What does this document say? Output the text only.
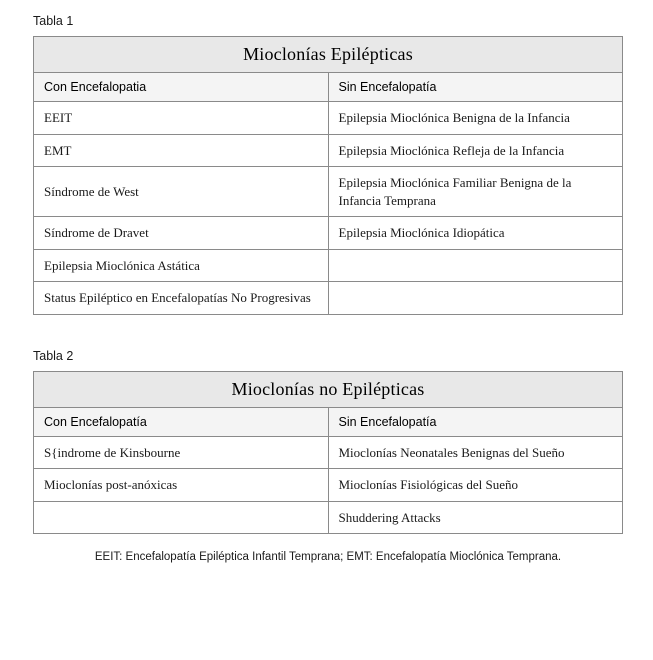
Tabla 1
Mioclonías Epilépticas	
Con Encefalopatia	Sin Encefalopatía
EEIT	Epilepsia Mioclónica Benigna de la Infancia
EMT	Epilepsia Mioclónica Refleja de la Infancia
Síndrome de West	Epilepsia Mioclónica Familiar Benigna de la Infancia Temprana
Síndrome de Dravet	Epilepsia Mioclónica Idiopática
Epilepsia Mioclónica Astática	
Status Epiléptico en Encefalopatías No Progresivas	
Tabla 2
Mioclonías no Epilépticas	
Con Encefalopatía	Sin Encefalopatía
S{indrome de Kinsbourne	Mioclonías Neonatales Benignas del Sueño
Mioclonías post-anóxicas	Mioclonías Fisiológicas del Sueño
	Shuddering Attacks
EEIT: Encefalopatía Epiléptica Infantil Temprana; EMT: Encefalopatía Mioclónica Temprana.
